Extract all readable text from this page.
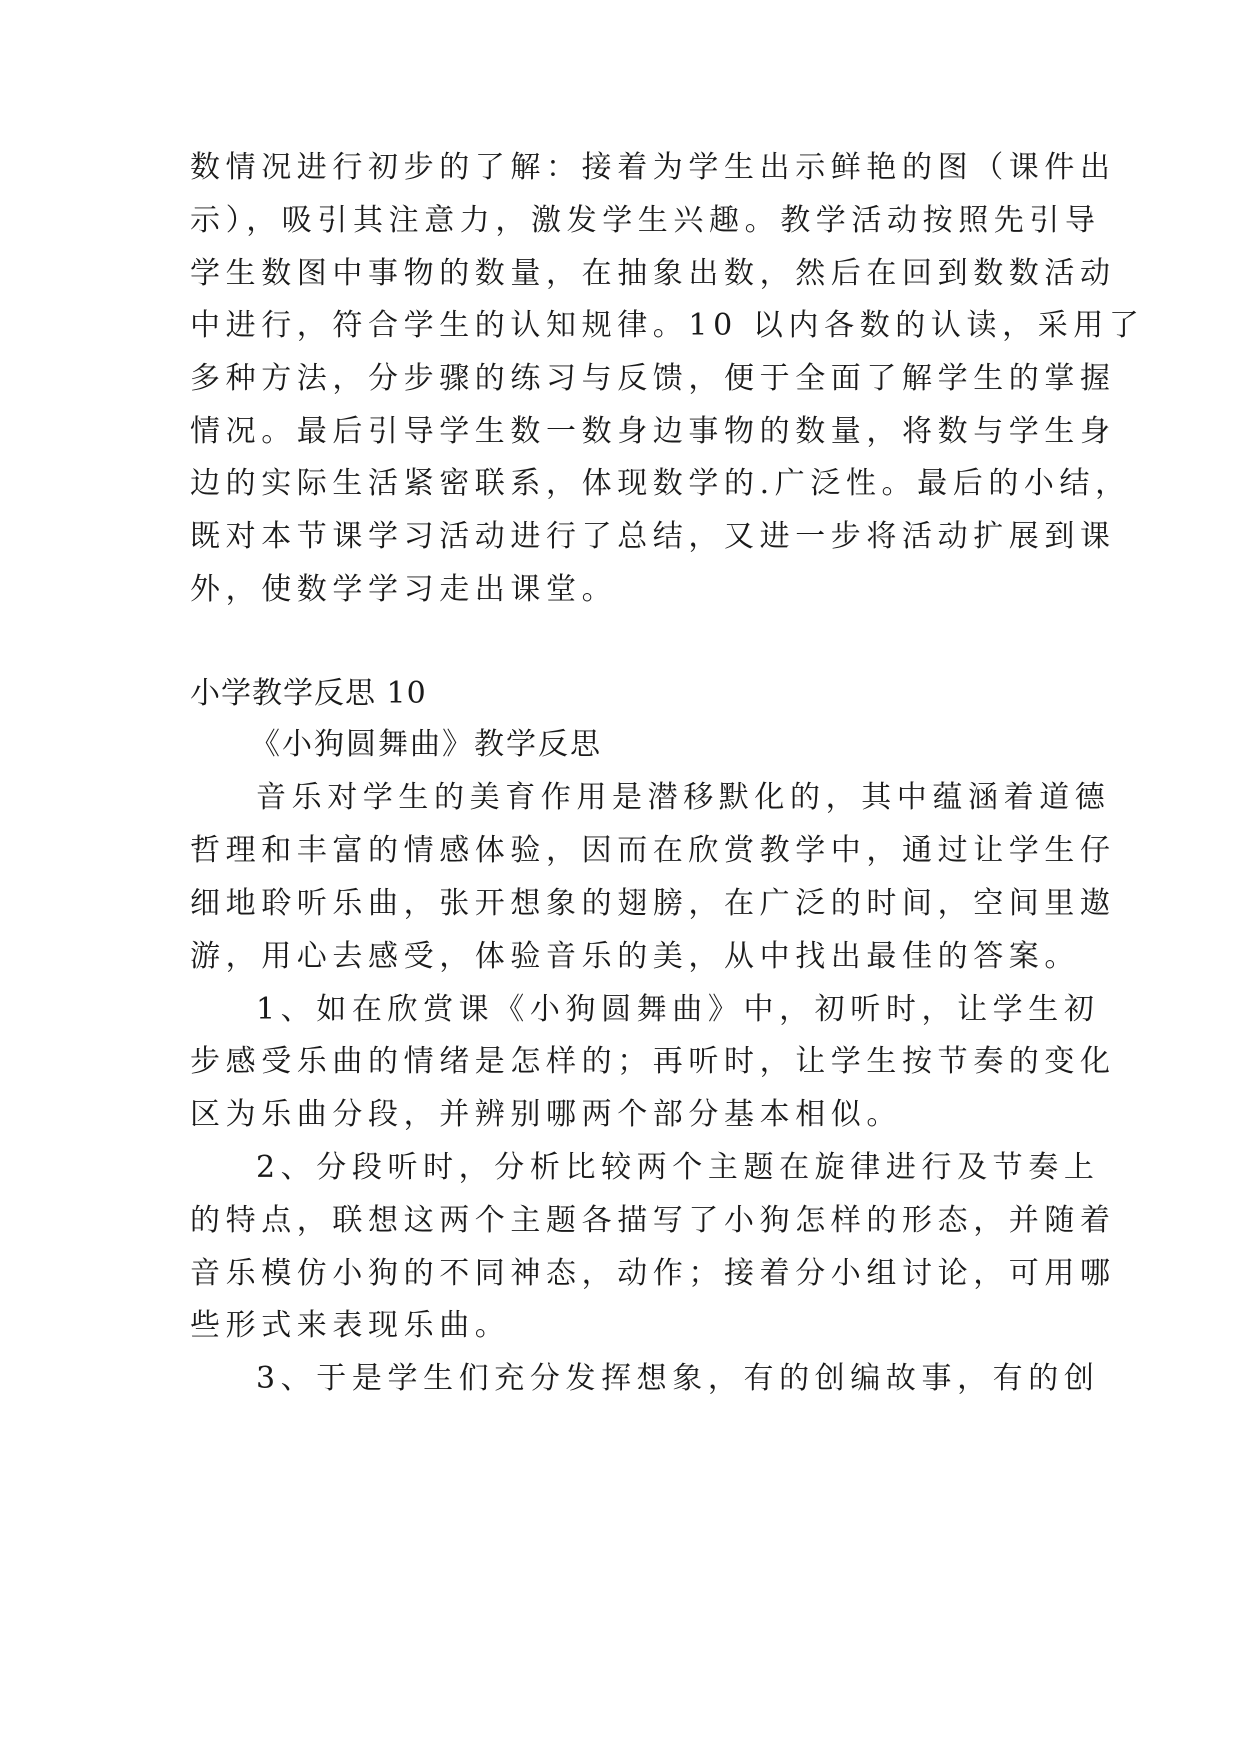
数情况进行初步的了解：接着为学生出示鲜艳的图（课件出
示），吸引其注意力，激发学生兴趣。教学活动按照先引导
学生数图中事物的数量，在抽象出数，然后在回到数数活动
中进行，符合学生的认知规律。10 以内各数的认读，采用了
多种方法，分步骤的练习与反馈，便于全面了解学生的掌握
情况。最后引导学生数一数身边事物的数量，将数与学生身
边的实际生活紧密联系，体现数学的.广泛性。最后的小结，
既对本节课学习活动进行了总结，又进一步将活动扩展到课
外，使数学学习走出课堂。
小学教学反思 10
《小狗圆舞曲》教学反思
音乐对学生的美育作用是潜移默化的，其中蕴涵着道德
哲理和丰富的情感体验，因而在欣赏教学中，通过让学生仔
细地聆听乐曲，张开想象的翅膀，在广泛的时间，空间里遨
游，用心去感受，体验音乐的美，从中找出最佳的答案。
1、如在欣赏课《小狗圆舞曲》中，初听时，让学生初
步感受乐曲的情绪是怎样的；再听时，让学生按节奏的变化
区为乐曲分段，并辨别哪两个部分基本相似。
2、分段听时，分析比较两个主题在旋律进行及节奏上
的特点，联想这两个主题各描写了小狗怎样的形态，并随着
音乐模仿小狗的不同神态，动作；接着分小组讨论，可用哪
些形式来表现乐曲。
3、于是学生们充分发挥想象，有的创编故事，有的创
